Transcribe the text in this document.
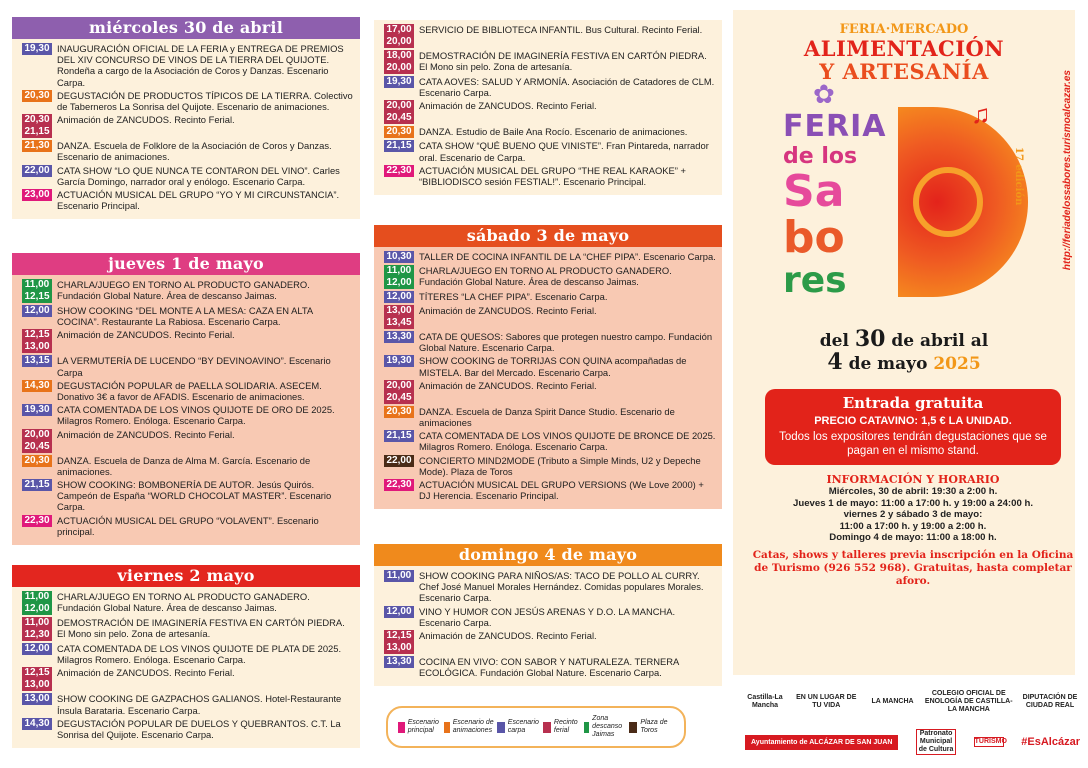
miércoles 30 de abril
19,30 INAUGURACIÓN OFICIAL DE LA FERIA y ENTREGA DE PREMIOS DEL XIV CONCURSO DE VINOS DE LA TIERRA DEL QUIJOTE. Rondeña a cargo de la Asociación de Coros y Danzas. Escenario Carpa.
20,30 DEGUSTACIÓN DE PRODUCTOS TÍPICOS DE LA TIERRA. Colectivo de Taberneros La Sonrisa del Quijote. Escenario de animaciones.
20,30
21,15
Animación de ZANCUDOS. Recinto Ferial.
21,30 DANZA. Escuela de Folklore de la Asociación de Coros y Danzas. Escenario de animaciones.
22,00 CATA SHOW “LO QUE NUNCA TE CONTARON DEL VINO”. Carles García Domingo, narrador oral y enólogo. Escenario Carpa.
23,00 ACTUACIÓN MUSICAL DEL GRUPO “YO Y MI CIRCUNSTANCIA”. Escenario Principal.
jueves 1 de mayo
11,00
12,15
CHARLA/JUEGO EN TORNO AL PRODUCTO GANADERO. Fundación Global Nature. Área de descanso Jaimas.
12,00 SHOW COOKING “DEL MONTE A LA MESA: CAZA EN ALTA COCINA”. Restaurante La Rabiosa. Escenario Carpa.
12,15
13,00
Animación de ZANCUDOS. Recinto Ferial.
13,15 LA VERMUTERÍA DE LUCENDO “BY DEVINOAVINO”. Escenario Carpa
14,30 DEGUSTACIÓN POPULAR de PAELLA SOLIDARIA. ASECEM. Donativo 3€ a favor de AFADIS. Escenario de animaciones.
19,30 CATA COMENTADA DE LOS VINOS QUIJOTE DE ORO DE 2025. Milagros Romero. Enóloga. Escenario Carpa.
20,00
20,45
Animación de ZANCUDOS. Recinto Ferial.
20,30 DANZA. Escuela de Danza de Alma M. García. Escenario de animaciones.
21,15 SHOW COOKING: BOMBONERÍA DE AUTOR. Jesús Quirós. Campeón de España “WORLD CHOCOLAT MASTER”. Escenario Carpa.
22,30 ACTUACIÓN MUSICAL DEL GRUPO “VOLAVENT”. Escenario principal.
viernes 2 mayo
11,00
12,00
CHARLA/JUEGO EN TORNO AL PRODUCTO GANADERO. Fundación Global Nature. Área de descanso Jaimas.
11,00
12,30
DEMOSTRACIÓN DE IMAGINERÍA FESTIVA EN CARTÓN PIEDRA. El Mono sin pelo. Zona de artesanía.
12,00 CATA COMENTADA DE LOS VINOS QUIJOTE DE PLATA DE 2025. Milagros Romero. Enóloga. Escenario Carpa.
12,15
13,00
Animación de ZANCUDOS. Recinto Ferial.
13,00 SHOW COOKING DE GAZPACHOS GALIANOS. Hotel-Restaurante Ínsula Barataria. Escenario Carpa.
14,30 DEGUSTACIÓN POPULAR DE DUELOS Y QUEBRANTOS. C.T. La Sonrisa del Quijote. Escenario Carpa.
17,00
20,00
SERVICIO DE BIBLIOTECA INFANTIL. Bus Cultural. Recinto Ferial.
18,00
20,00
DEMOSTRACIÓN DE IMAGINERÍA FESTIVA EN CARTÓN PIEDRA. El Mono sin pelo. Zona de artesanía.
19,30 CATA AOVES: SALUD Y ARMONÍA. Asociación de Catadores de CLM. Escenario Carpa.
20,00
20,45
Animación de ZANCUDOS. Recinto Ferial.
20,30 DANZA. Estudio de Baile Ana Rocío. Escenario de animaciones.
21,15 CATA SHOW “QUÉ BUENO QUE VINISTE”. Fran Pintareda, narrador oral. Escenario de Carpa.
22,30 ACTUACIÓN MUSICAL DEL GRUPO “THE REAL KARAOKE” + “BIBLIODISCO sesión FESTIAL!”. Escenario Principal.
sábado 3 de mayo
10,30 TALLER DE COCINA INFANTIL DE LA “CHEF PIPA”. Escenario Carpa.
11,00
12,00
CHARLA/JUEGO EN TORNO AL PRODUCTO GANADERO. Fundación Global Nature. Área de descanso Jaimas.
12,00 TÍTERES “LA CHEF PIPA”. Escenario Carpa.
13,00
13,45
Animación de ZANCUDOS. Recinto Ferial.
13,30 CATA DE QUESOS: Sabores que protegen nuestro campo. Fundación Global Nature. Escenario Carpa.
19,30 SHOW COOKING de TORRIJAS CON QUINA acompañadas de MISTELA. Bar del Mercado. Escenario Carpa.
20,00
20,45
Animación de ZANCUDOS. Recinto Ferial.
20,30 DANZA. Escuela de Danza Spirit Dance Studio. Escenario de animaciones
21,15 CATA COMENTADA DE LOS VINOS QUIJOTE DE BRONCE DE 2025. Milagros Romero. Enóloga. Escenario Carpa.
22,00 CONCIERTO MIND2MODE (Tributo a Simple Minds, U2 y Depeche Mode). Plaza de Toros
22,30 ACTUACIÓN MUSICAL DEL GRUPO VERSIONS (We Love 2000) + DJ Herencia. Escenario Principal.
domingo 4 de mayo
11,00 SHOW COOKING PARA NIÑOS/AS: TACO DE POLLO AL CURRY. Chef José Manuel Morales Hernández. Comidas populares Morales. Escenario Carpa.
12,00 VINO Y HUMOR CON JESÚS ARENAS Y D.O. LA MANCHA. Escenario Carpa.
12,15
13,00
Animación de ZANCUDOS. Recinto Ferial.
13,30 COCINA EN VIVO: CON SABOR Y NATURALEZA. TERNERA ECOLÓGICA. Fundación Global Nature. Escenario Carpa.
Escenario principal
Escenario de animaciones
Escenario carpa
Recinto ferial
Zona descanso Jaimas
Plaza de Toros
FERIA·MERCADO
ALIMENTACIÓN
Y ARTESANÍA
✿
♫
FERIA
de los
Sa
bo
res
17 edición	http://feriadelossabores.turismoalcazar.es
del 30 de abril al
4 de mayo 2025
Entrada gratuita
PRECIO CATAVINO: 1,5 € LA UNIDAD.
Todos los expositores tendrán degustaciones que se pagan en el mismo stand.
INFORMACIÓN Y HORARIO
Miércoles, 30 de abril: 19:30 a 2:00 h.
Jueves 1 de mayo: 11:00 a 17:00 h. y 19:00 a 24:00 h.
viernes 2 y sábado 3 de mayo:
11:00 a 17:00 h. y 19:00 a 2:00 h.
Domingo 4 de mayo: 11:00 a 18:00 h.
Catas, shows y talleres previa inscripción en la Oficina de Turismo (926 552 968). Gratuitas, hasta completar aforo.
Castilla-La Mancha
EN UN LUGAR DE TU VIDA
LA MANCHA
COLEGIO OFICIAL DE ENOLOGÍA DE CASTILLA-LA MANCHA
DIPUTACIÓN DE CIUDAD REAL
Ayuntamiento de ALCÁZAR DE SAN JUAN
Patronato Municipal de Cultura
TURISMO #EsAlcázar
